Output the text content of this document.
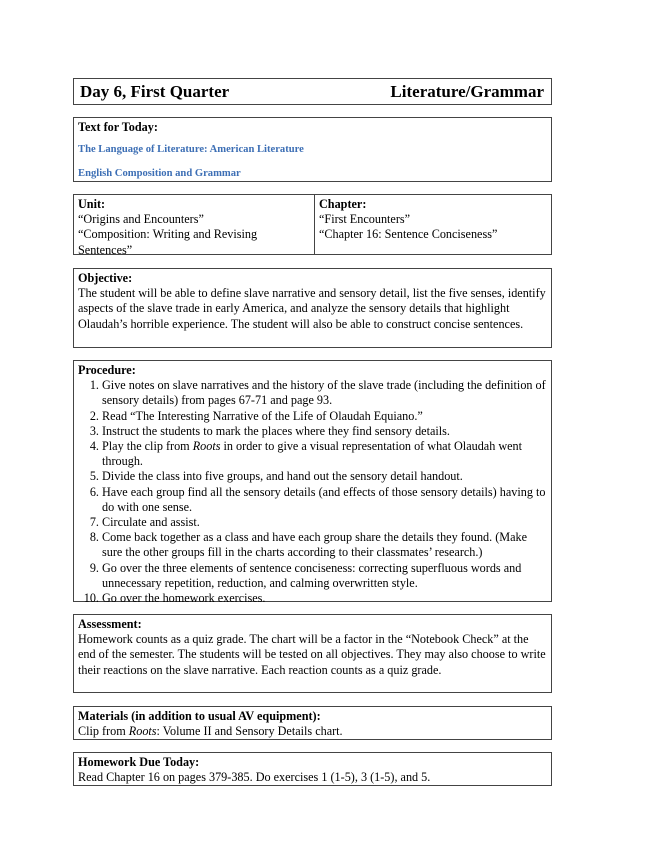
Day 6, First Quarter	Literature/Grammar
Text for Today:
The Language of Literature: American Literature
English Composition and Grammar
Unit:
“Origins and Encounters”
“Composition: Writing and Revising Sentences”
Chapter:
“First Encounters”
“Chapter 16: Sentence Conciseness”
Objective:
The student will be able to define slave narrative and sensory detail, list the five senses, identify aspects of the slave trade in early America, and analyze the sensory details that highlight Olaudah’s horrible experience. The student will also be able to construct concise sentences.
Procedure:
1. Give notes on slave narratives and the history of the slave trade (including the definition of sensory details) from pages 67-71 and page 93.
2. Read “The Interesting Narrative of the Life of Olaudah Equiano.”
3. Instruct the students to mark the places where they find sensory details.
4. Play the clip from Roots in order to give a visual representation of what Olaudah went through.
5. Divide the class into five groups, and hand out the sensory detail handout.
6. Have each group find all the sensory details (and effects of those sensory details) having to do with one sense.
7. Circulate and assist.
8. Come back together as a class and have each group share the details they found. (Make sure the other groups fill in the charts according to their classmates’ research.)
9. Go over the three elements of sentence conciseness: correcting superfluous words and unnecessary repetition, reduction, and calming overwritten style.
10. Go over the homework exercises.
Assessment:
Homework counts as a quiz grade. The chart will be a factor in the “Notebook Check” at the end of the semester. The students will be tested on all objectives. They may also choose to write their reactions on the slave narrative. Each reaction counts as a quiz grade.
Materials (in addition to usual AV equipment):
Clip from Roots: Volume II and Sensory Details chart.
Homework Due Today:
Read Chapter 16 on pages 379-385. Do exercises 1 (1-5), 3 (1-5), and 5.
